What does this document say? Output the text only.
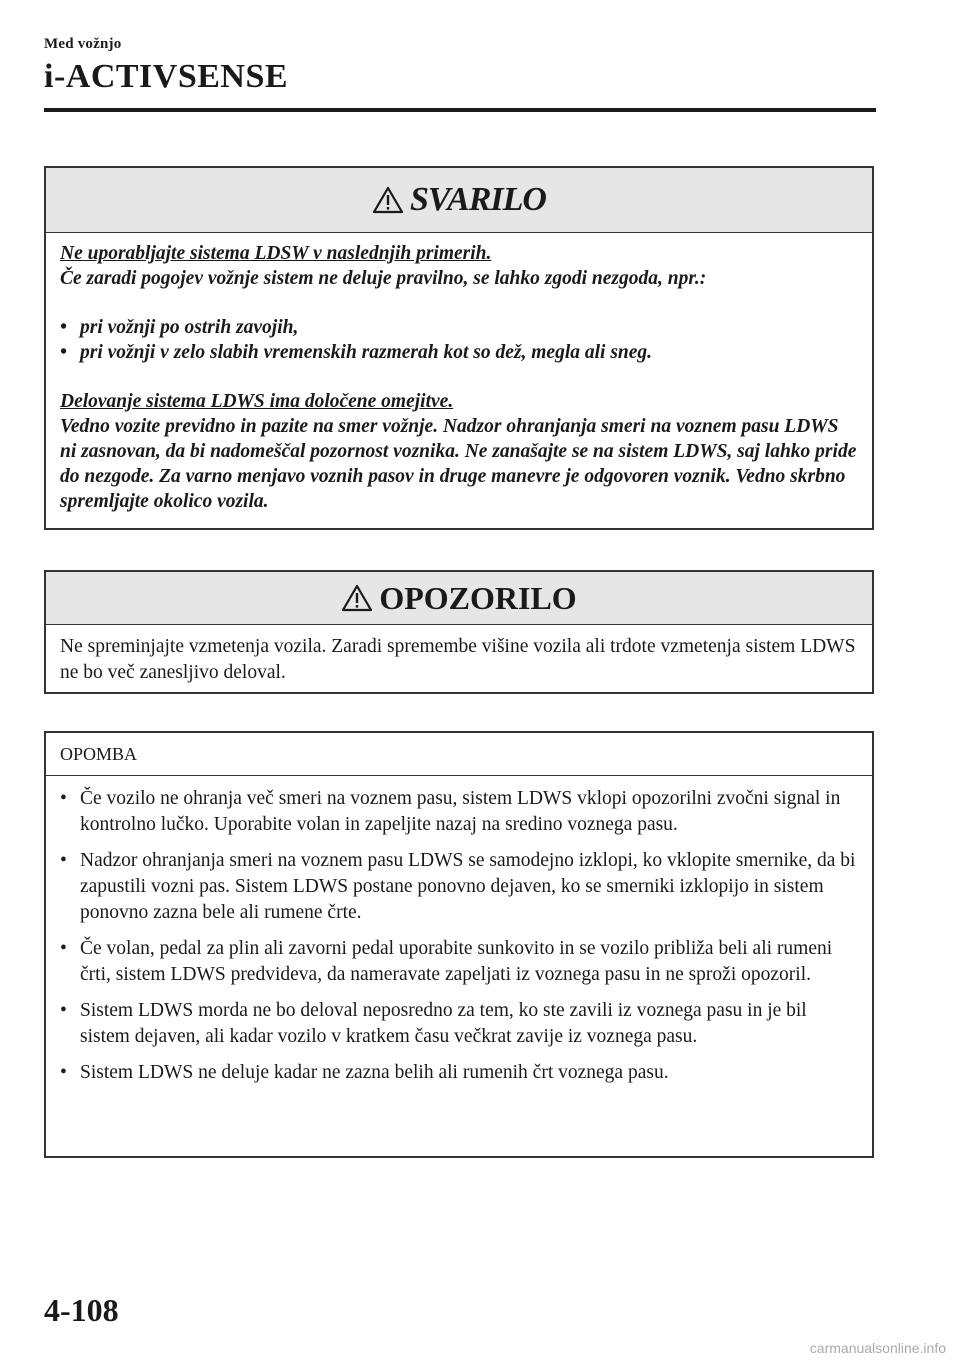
Med vožnjo
i-ACTIVSENSE
SVARILO
Ne uporabljajte sistema LDSW v naslednjih primerih.
Če zaradi pogojev vožnje sistem ne deluje pravilno, se lahko zgodi nezgoda, npr.:
• pri vožnji po ostrih zavojih,
• pri vožnji v zelo slabih vremenskih razmerah kot so dež, megla ali sneg.
Delovanje sistema LDWS ima določene omejitve.
Vedno vozite previdno in pazite na smer vožnje. Nadzor ohranjanja smeri na voznem pasu LDWS ni zasnovan, da bi nadomeščal pozornost voznika. Ne zanašajte se na sistem LDWS, saj lahko pride do nezgode. Za varno menjavo voznih pasov in druge manevre je odgovoren voznik. Vedno skrbno spremljajte okolico vozila.
OPOZORILO
Ne spreminjajte vzmetenja vozila. Zaradi spremembe višine vozila ali trdote vzmetenja sistem LDWS ne bo več zanesljivo deloval.
OPOMBA
• Če vozilo ne ohranja več smeri na voznem pasu, sistem LDWS vklopi opozorilni zvočni signal in kontrolno lučko. Uporabite volan in zapeljite nazaj na sredino voznega pasu.
• Nadzor ohranjanja smeri na voznem pasu LDWS se samodejno izklopi, ko vklopite smernike, da bi zapustili vozni pas. Sistem LDWS postane ponovno dejaven, ko se smerniki izklopijo in sistem ponovno zazna bele ali rumene črte.
• Če volan, pedal za plin ali zavorni pedal uporabite sunkovito in se vozilo približa beli ali rumeni črti, sistem LDWS predvideva, da nameravate zapeljati iz voznega pasu in ne sproži opozoril.
• Sistem LDWS morda ne bo deloval neposredno za tem, ko ste zavili iz voznega pasu in je bil sistem dejaven, ali kadar vozilo v kratkem času večkrat zavije iz voznega pasu.
• Sistem LDWS ne deluje kadar ne zazna belih ali rumenih črt voznega pasu.
4-108
carmanualsonline.info
